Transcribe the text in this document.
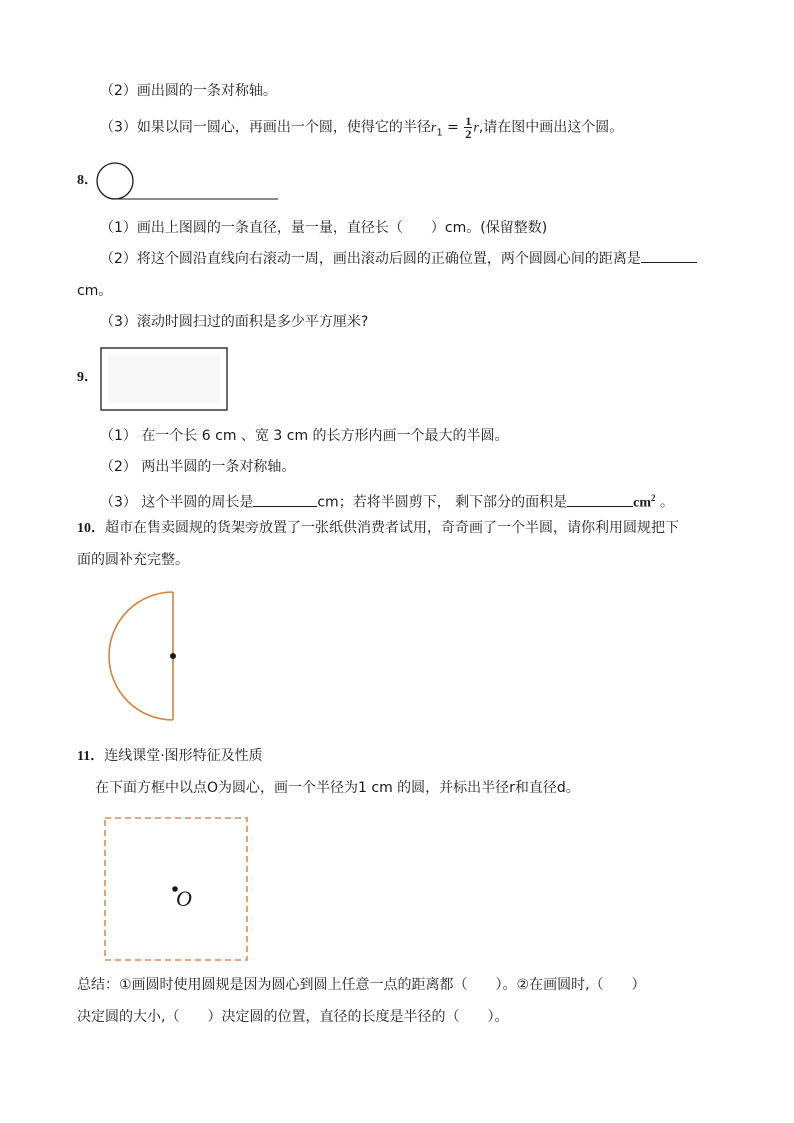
（2）画出圆的一条对称轴。
（3）如果以同一圆心，再画出一个圆，使得它的半径$r_1 = \frac{1}{2} r$,请在图中画出这个圆。
8．
（1）画出上图圆的一条直径，量一量，直径长（　　）cm。(保留整数)
（2）将这个圆沿直线向右滚动一周，画出滚动后圆的正确位置，两个圆圆心间的距离是
cm。
（3）滚动时圆扫过的面积是多少平方厘米?
9．
（1） 在一个长 6 cm 、宽 3 cm 的长方形内画一个最大的半圆。
（2） 两出半圆的一条对称轴。
（3） 这个半圆的周长是	cm；若将半圆剪下， 剩下部分的面积是	$cm^2$ 。
10．超市在售卖圆规的货架旁放置了一张纸供消费者试用，奇奇画了一个半圆，请你利用圆规把下
面的圆补充完整。
11．连线课堂·图形特征及性质
在下面方框中以点O为圆心，画一个半径为1 cm 的圆，并标出半径r和直径d。
O
总结：①画圆时使用圆规是因为圆心到圆上任意一点的距离都（　　）。②在画圆时,（　　）
决定圆的大小,（　　）决定圆的位置，直径的长度是半径的（　　）。
